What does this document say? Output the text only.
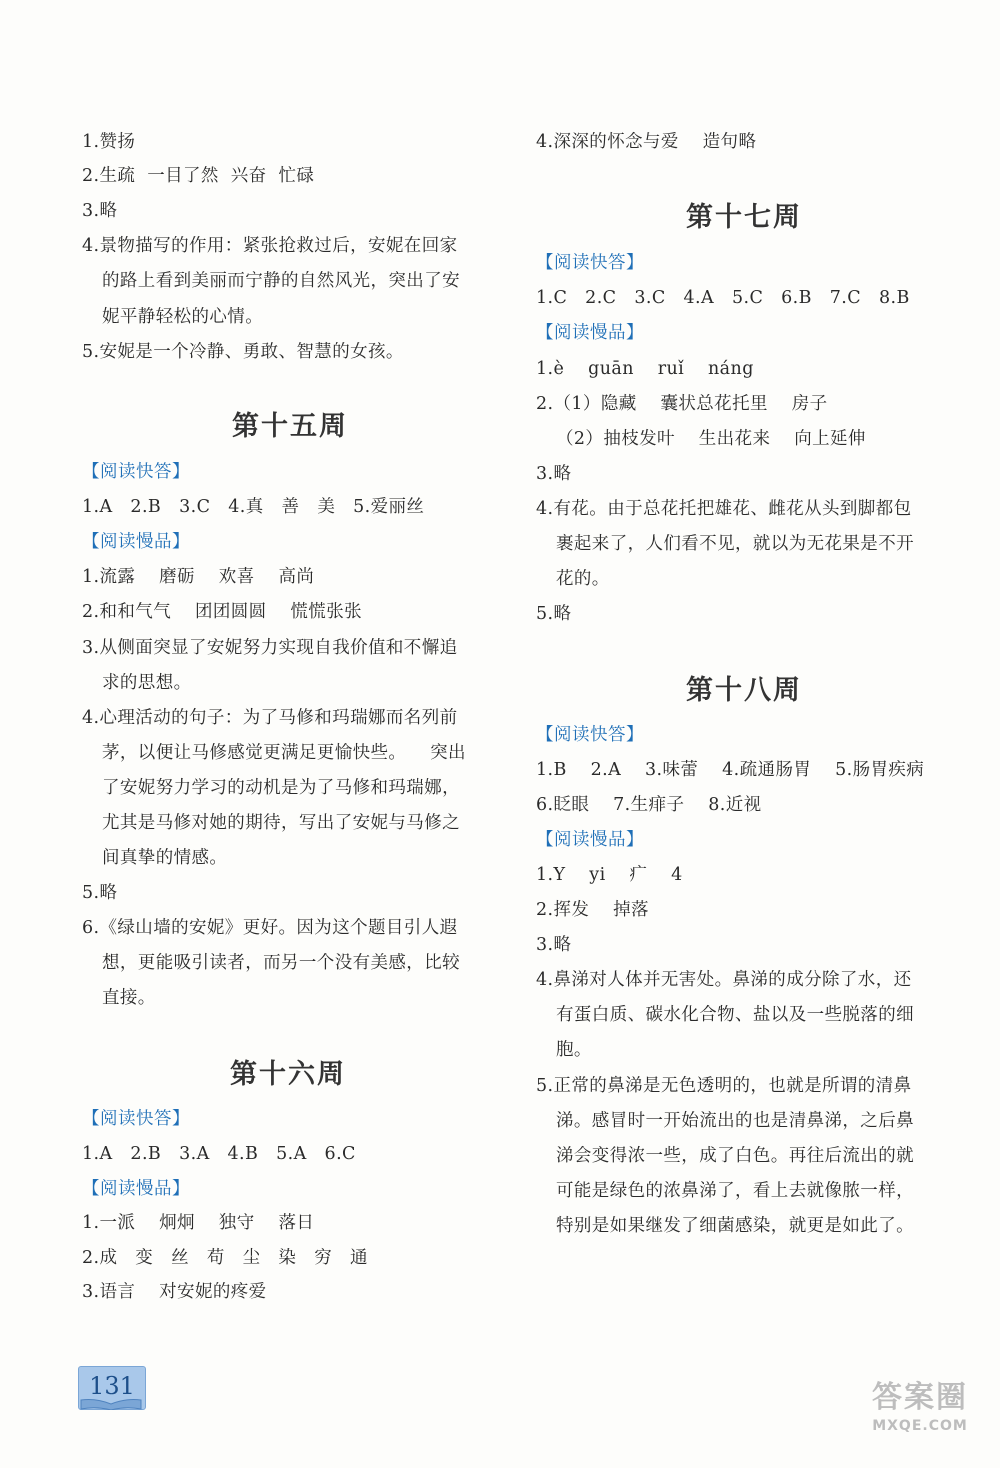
1.赞扬
2.生疏  一目了然  兴奋  忙碌
3.略
4.景物描写的作用：紧张抢救过后，安妮在回家
的路上看到美丽而宁静的自然风光，突出了安
妮平静轻松的心情。
5.安妮是一个冷静、勇敢、智慧的女孩。
第十五周
【阅读快答】
1.A   2.B   3.C   4.真   善   美   5.爱丽丝
【阅读慢品】
1.流露    磨砺    欢喜    高尚
2.和和气气    团团圆圆    慌慌张张
3.从侧面突显了安妮努力实现自我价值和不懈追
求的思想。
4.心理活动的句子：为了马修和玛瑞娜而名列前
茅，以便让马修感觉更满足更愉快些。    突出
了安妮努力学习的动机是为了马修和玛瑞娜，
尤其是马修对她的期待，写出了安妮与马修之
间真挚的情感。
5.略
6.《绿山墙的安妮》更好。因为这个题目引人遐
想，更能吸引读者，而另一个没有美感，比较
直接。
第十六周
【阅读快答】
1.A   2.B   3.A   4.B   5.A   6.C
【阅读慢品】
1.一派    炯炯    独守    落日
2.成   变   丝   苟   尘   染   穷   通
3.语言    对安妮的疼爱
4.深深的怀念与爱    造句略
第十七周
【阅读快答】
1.C   2.C   3.C   4.A   5.C   6.B   7.C   8.B
【阅读慢品】
1.è    guān    ruǐ    náng
2.（1）隐藏    囊状总花托里    房子
（2）抽枝发叶    生出花来    向上延伸
3.略
4.有花。由于总花托把雄花、雌花从头到脚都包
裹起来了，人们看不见，就以为无花果是不开
花的。
5.略
第十八周
【阅读快答】
1.B    2.A    3.味蕾    4.疏通肠胃    5.肠胃疾病
6.眨眼    7.生痱子    8.近视
【阅读慢品】
1.Y    yi    疒    4
2.挥发    掉落
3.略
4.鼻涕对人体并无害处。鼻涕的成分除了水，还
有蛋白质、碳水化合物、盐以及一些脱落的细
胞。
5.正常的鼻涕是无色透明的，也就是所谓的清鼻
涕。感冒时一开始流出的也是清鼻涕，之后鼻
涕会变得浓一些，成了白色。再往后流出的就
可能是绿色的浓鼻涕了，看上去就像脓一样，
特别是如果继发了细菌感染，就更是如此了。
131	答案圈
MXQE.COM
